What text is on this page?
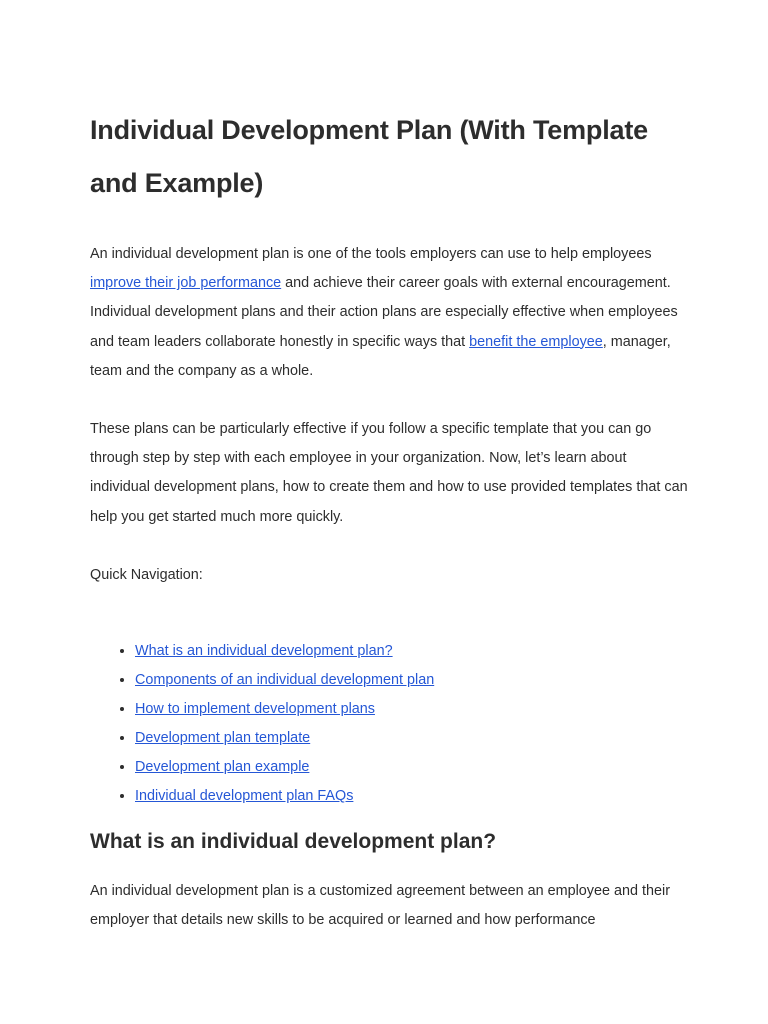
Individual Development Plan (With Template and Example)

An individual development plan is one of the tools employers can use to help employees improve their job performance and achieve their career goals with external encouragement. Individual development plans and their action plans are especially effective when employees and team leaders collaborate honestly in specific ways that benefit the employee, manager, team and the company as a whole.

These plans can be particularly effective if you follow a specific template that you can go through step by step with each employee in your organization. Now, let’s learn about individual development plans, how to create them and how to use provided templates that can help you get started much more quickly.

Quick Navigation:

• What is an individual development plan?
• Components of an individual development plan
• How to implement development plans
• Development plan template
• Development plan example
• Individual development plan FAQs
What is an individual development plan?

An individual development plan is a customized agreement between an employee and their employer that details new skills to be acquired or learned and how performance
